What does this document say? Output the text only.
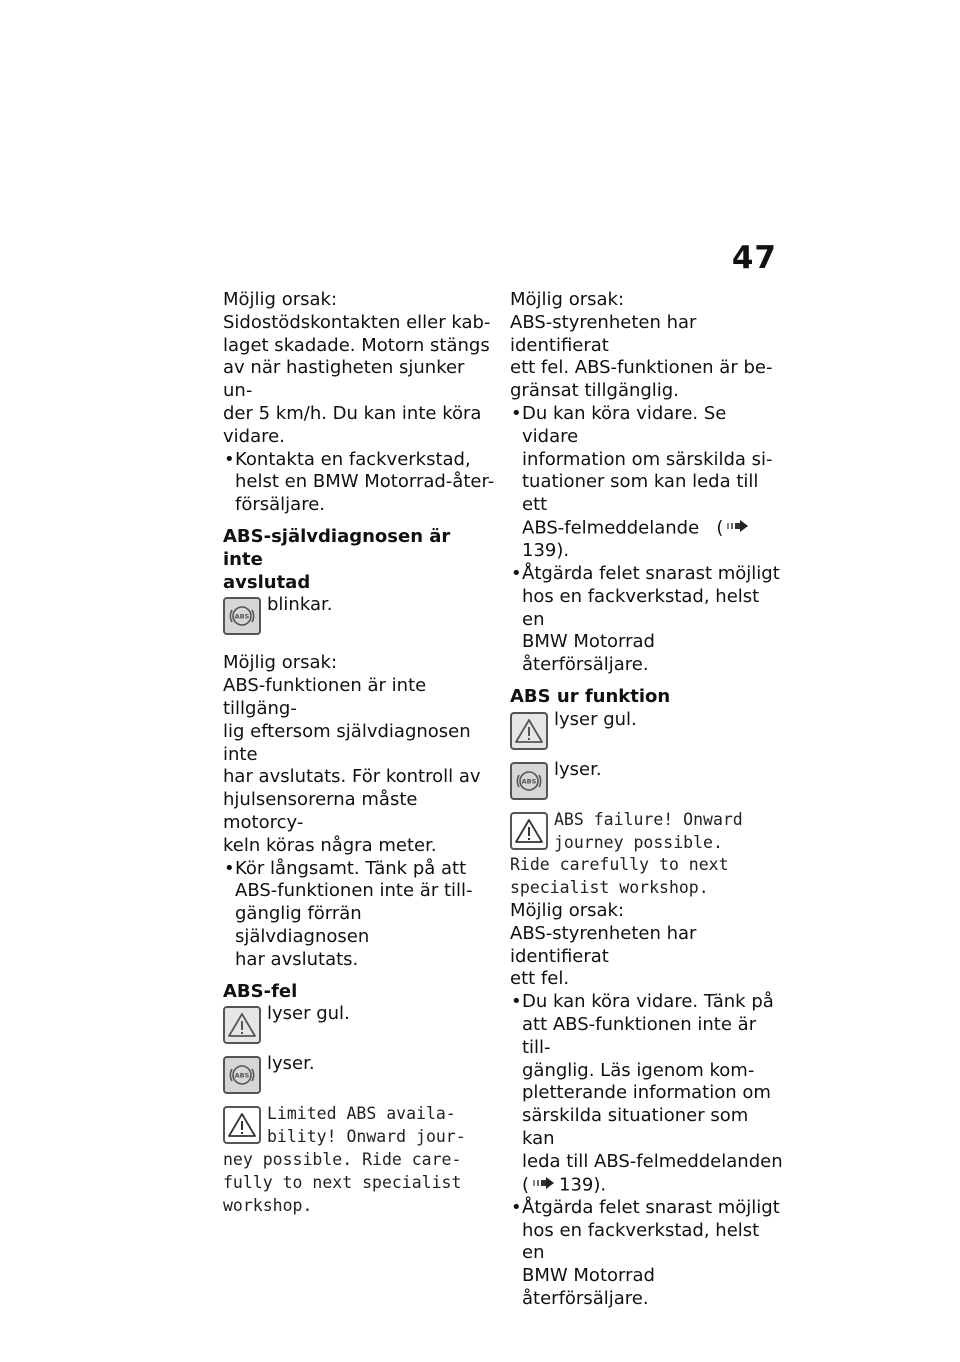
47

Möjlig orsak:

Sidostödskontakten eller kab-

laget skadade. Motorn stängs

av när hastigheten sjunker un-

der 5 km/h. Du kan inte köra

vidare.

• Kontakta en fackverkstad,
helst en BMW Motorrad-åter-
försäljare.

ABS-självdiagnosen är inte
avslutad

ABS
blinkar.

Möjlig orsak:

ABS-funktionen är inte tillgäng-

lig eftersom självdiagnosen inte

har avslutats. För kontroll av

hjulsensorerna måste motorcy-

keln köras några meter.

• Kör långsamt. Tänk på att
ABS-funktionen inte är till-
gänglig förrän självdiagnosen
har avslutats.

ABS-fel

lyser gul.
ABS
lyser.
Limited ABS availa-
bility! Onward jour-
ney possible. Ride care-
fully to next specialist
workshop.

Möjlig orsak:

ABS-styrenheten har identifierat

ett fel. ABS-funktionen är be-

gränsat tillgänglig.

• Du kan köra vidare. Se vidare
information om särskilda si-
tuationer som kan leda till ett
ABS-felmeddelande   (139).
• Åtgärda felet snarast möjligt
hos en fackverkstad, helst en
BMW Motorrad återförsäljare.

ABS ur funktion

lyser gul.
ABS
lyser.
ABS failure! Onward
journey possible.
Ride carefully to next
specialist workshop.

Möjlig orsak:

ABS-styrenheten har identifierat

ett fel.

• Du kan köra vidare. Tänk på
att ABS-funktionen inte är till-
gänglig. Läs igenom kom-
pletterande information om
särskilda situationer som kan
leda till ABS-felmeddelanden
( 139).
• Åtgärda felet snarast möjligt
hos en fackverkstad, helst en
BMW Motorrad återförsäljare.
